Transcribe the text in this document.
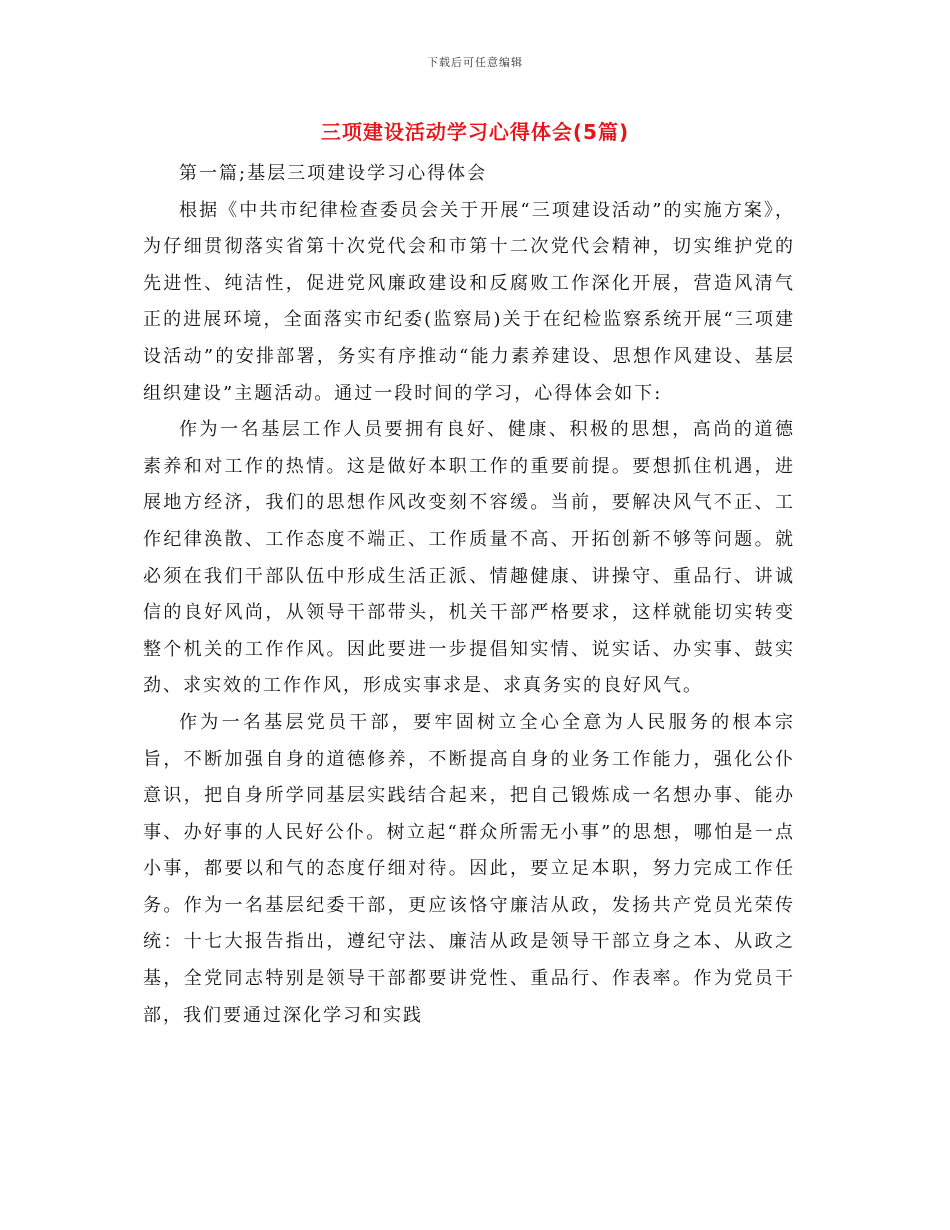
下载后可任意编辑
三项建设活动学习心得体会(5篇)

第一篇;基层三项建设学习心得体会

根据《中共市纪律检查委员会关于开展“三项建设活动”的实施方案》，为仔细贯彻落实省第十次党代会和市第十二次党代会精神，切实维护党的先进性、纯洁性，促进党风廉政建设和反腐败工作深化开展，营造风清气正的进展环境，全面落实市纪委(监察局)关于在纪检监察系统开展“三项建设活动”的安排部署，务实有序推动“能力素养建设、思想作风建设、基层组织建设”主题活动。通过一段时间的学习，心得体会如下:

作为一名基层工作人员要拥有良好、健康、积极的思想，高尚的道德素养和对工作的热情。这是做好本职工作的重要前提。要想抓住机遇，进展地方经济，我们的思想作风改变刻不容缓。当前，要解决风气不正、工作纪律涣散、工作态度不端正、工作质量不高、开拓创新不够等问题。就必须在我们干部队伍中形成生活正派、情趣健康、讲操守、重品行、讲诚信的良好风尚，从领导干部带头，机关干部严格要求，这样就能切实转变整个机关的工作作风。因此要进一步提倡知实情、说实话、办实事、鼓实劲、求实效的工作作风，形成实事求是、求真务实的良好风气。

作为一名基层党员干部，要牢固树立全心全意为人民服务的根本宗旨，不断加强自身的道德修养，不断提高自身的业务工作能力，强化公仆意识，把自身所学同基层实践结合起来，把自己锻炼成一名想办事、能办事、办好事的人民好公仆。树立起“群众所需无小事”的思想，哪怕是一点小事，都要以和气的态度仔细对待。因此，要立足本职，努力完成工作任务。作为一名基层纪委干部，更应该恪守廉洁从政，发扬共产党员光荣传统：十七大报告指出，遵纪守法、廉洁从政是领导干部立身之本、从政之基，全党同志特别是领导干部都要讲党性、重品行、作表率。作为党员干部，我们要通过深化学习和实践
